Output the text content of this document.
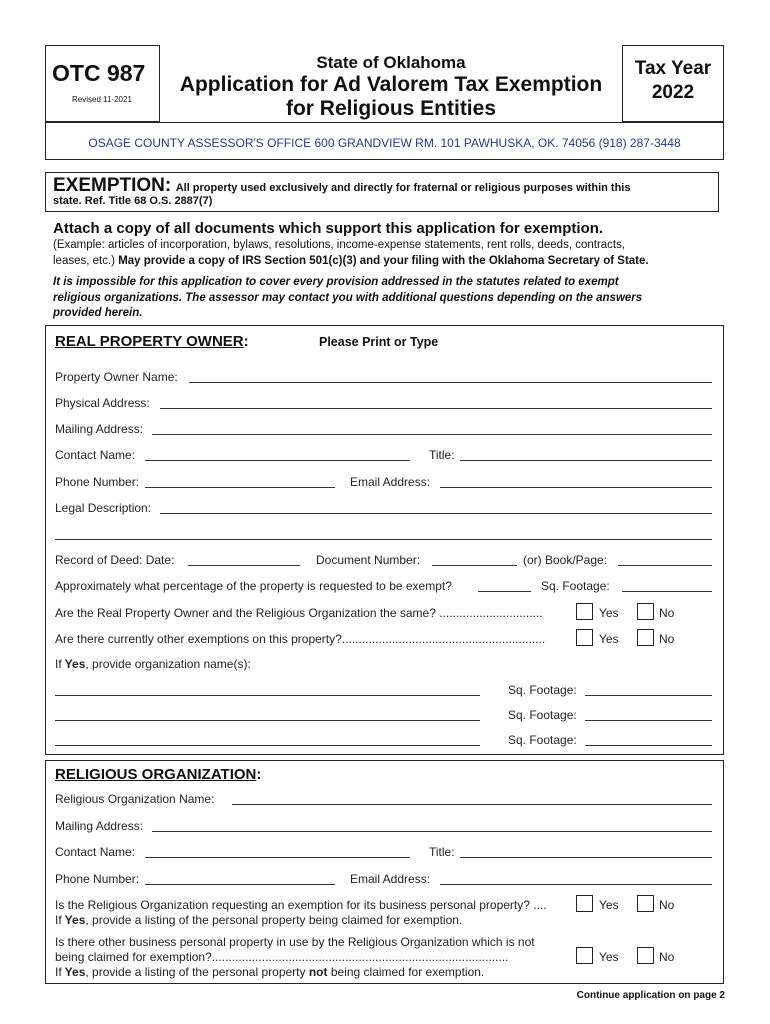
OTC 987
Revised 11-2021
State of Oklahoma
Application for Ad Valorem Tax Exemption
for Religious Entities
Tax Year
2022
OSAGE COUNTY ASSESSOR'S OFFICE 600 GRANDVIEW RM. 101 PAWHUSKA, OK. 74056 (918) 287-3448
EXEMPTION: All property used exclusively and directly for fraternal or religious purposes within this
state. Ref. Title 68 O.S. 2887(7)
Attach a copy of all documents which support this application for exemption.
(Example: articles of incorporation, bylaws, resolutions, income-expense statements, rent rolls, deeds, contracts,
leases, etc.) May provide a copy of IRS Section 501(c)(3) and your filing with the Oklahoma Secretary of State.
It is impossible for this application to cover every provision addressed in the statutes related to exempt
religious organizations. The assessor may contact you with additional questions depending on the answers
provided herein.
REAL PROPERTY OWNER:	Please Print or Type
Property Owner Name:
Physical Address:
Mailing Address:
Contact Name:	Title:
Phone Number:	Email Address:
Legal Description:
Record of Deed: Date:	Document Number:	(or) Book/Page:
Approximately what percentage of the property is requested to be exempt?	Sq. Footage:
Are the Real Property Owner and the Religious Organization the same? ...............................	Yes	No
Are there currently other exemptions on this property?.............................................................	Yes	No
If Yes, provide organization name(s):
Sq. Footage:
Sq. Footage:
Sq. Footage:
RELIGIOUS ORGANIZATION:
Religious Organization Name:
Mailing Address:
Contact Name:	Title:
Phone Number:	Email Address:
Is the Religious Organization requesting an exemption for its business personal property? ....
If Yes, provide a listing of the personal property being claimed for exemption.
Yes	No
Is there other business personal property in use by the Religious Organization which is not
being claimed for exemption?.........................................................................................
If Yes, provide a listing of the personal property not being claimed for exemption.
Yes	No
Continue application on page 2
